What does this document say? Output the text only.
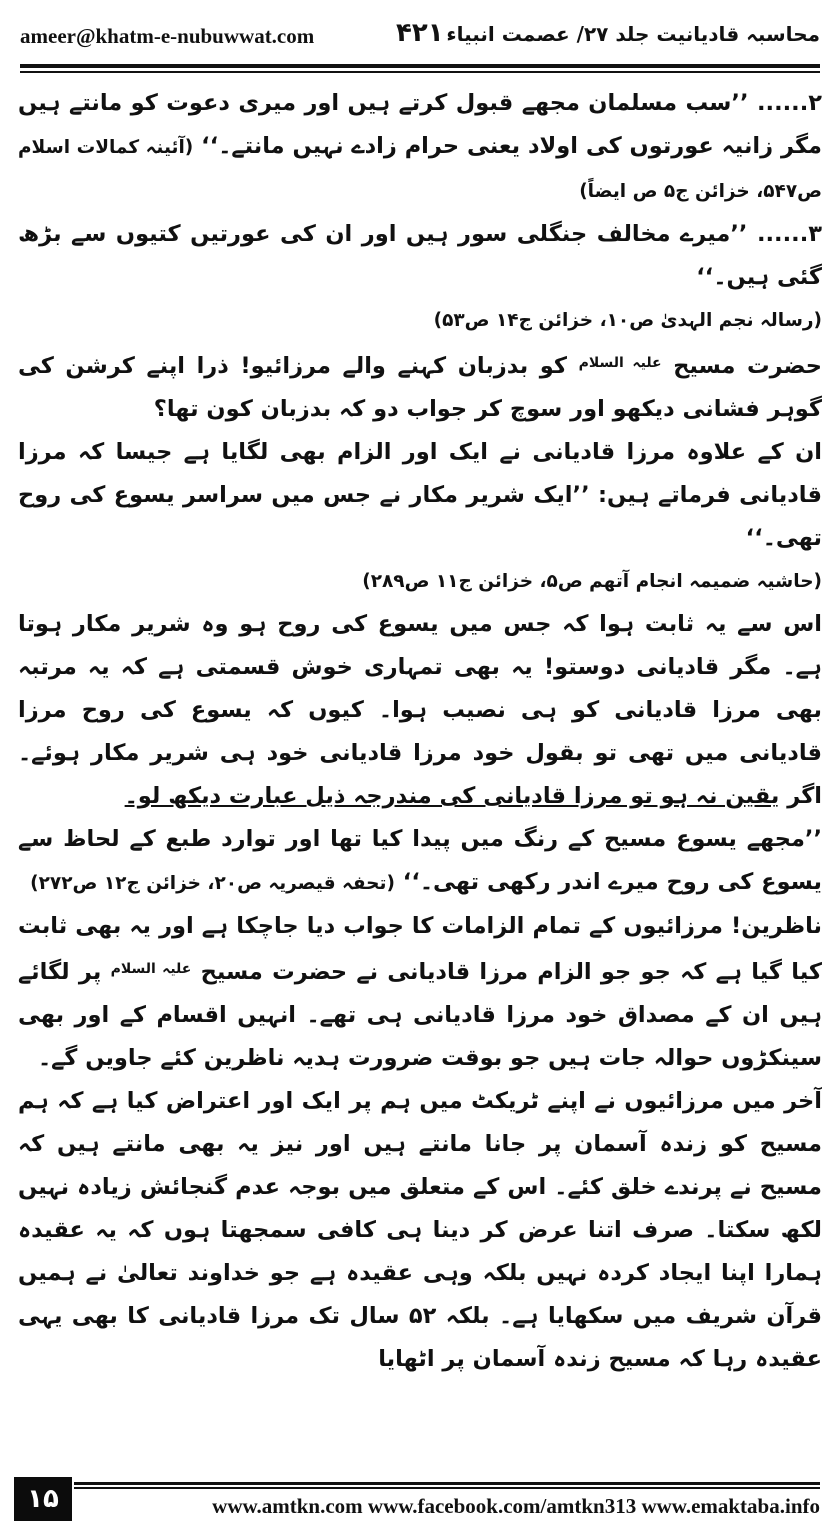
ameer@khatm-e-nubuwwat.com	۴۲۱ محاسبہ قادیانیت جلد ۲۷/ عصمت انبیاء

۲...... ’’سب مسلمان مجھے قبول کرتے ہیں اور میری دعوت کو مانتے ہیں مگر زانیہ عورتوں کی اولاد یعنی حرام زادے نہیں مانتے۔‘‘ (آئینہ کمالات اسلام ص۵۴۷، خزائن ج۵ ص ایضاً)

۳...... ’’میرے مخالف جنگلی سور ہیں اور ان کی عورتیں کتیوں سے بڑھ گئی ہیں۔‘‘

(رسالہ نجم الہدیٰ ص۱۰، خزائن ج۱۴ ص۵۳)

حضرت مسیح $^{علیہ السلام}$ کو بدزبان کہنے والے مرزائیو! ذرا اپنے کرشن کی گوہر فشانی دیکھو اور سوچ کر جواب دو کہ بدزبان کون تھا؟

ان کے علاوہ مرزا قادیانی نے ایک اور الزام بھی لگایا ہے جیسا کہ مرزا قادیانی فرماتے ہیں: ’’ایک شریر مکار نے جس میں سراسر یسوع کی روح تھی۔‘‘

(حاشیہ ضمیمہ انجام آتھم ص۵، خزائن ج۱۱ ص۲۸۹)

اس سے یہ ثابت ہوا کہ جس میں یسوع کی روح ہو وہ شریر مکار ہوتا ہے۔ مگر قادیانی دوستو! یہ بھی تمہاری خوش قسمتی ہے کہ یہ مرتبہ بھی مرزا قادیانی کو ہی نصیب ہوا۔ کیوں کہ یسوع کی روح مرزا قادیانی میں تھی تو بقول خود مرزا قادیانی خود ہی شریر مکار ہوئے۔ اگر یقین نہ ہو تو مرزا قادیانی کی مندرجہ ذیل عبارت دیکھ لو۔

’’مجھے یسوع مسیح کے رنگ میں پیدا کیا تھا اور توارد طبع کے لحاظ سے یسوع کی روح میرے اندر رکھی تھی۔‘‘ (تحفہ قیصریہ ص۲۰، خزائن ج۱۲ ص۲۷۲)

ناظرین! مرزائیوں کے تمام الزامات کا جواب دیا جاچکا ہے اور یہ بھی ثابت کیا گیا ہے کہ جو جو الزام مرزا قادیانی نے حضرت مسیح $^{علیہ السلام}$ پر لگائے ہیں ان کے مصداق خود مرزا قادیانی ہی تھے۔ انہیں اقسام کے اور بھی سینکڑوں حوالہ جات ہیں جو بوقت ضرورت ہدیہ ناظرین کئے جاویں گے۔

آخر میں مرزائیوں نے اپنے ٹریکٹ میں ہم پر ایک اور اعتراض کیا ہے کہ ہم مسیح کو زندہ آسمان پر جانا مانتے ہیں اور نیز یہ بھی مانتے ہیں کہ مسیح نے پرندے خلق کئے۔ اس کے متعلق میں بوجہ عدم گنجائش زیادہ نہیں لکھ سکتا۔ صرف اتنا عرض کر دینا ہی کافی سمجھتا ہوں کہ یہ عقیدہ ہمارا اپنا ایجاد کردہ نہیں بلکہ وہی عقیدہ ہے جو خداوند تعالیٰ نے ہمیں قرآن شریف میں سکھایا ہے۔ بلکہ ۵۲ سال تک مرزا قادیانی کا بھی یہی عقیدہ رہا کہ مسیح زندہ آسمان پر اٹھایا

۱۵	www.amtkn.com www.facebook.com/amtkn313 www.emaktaba.info
